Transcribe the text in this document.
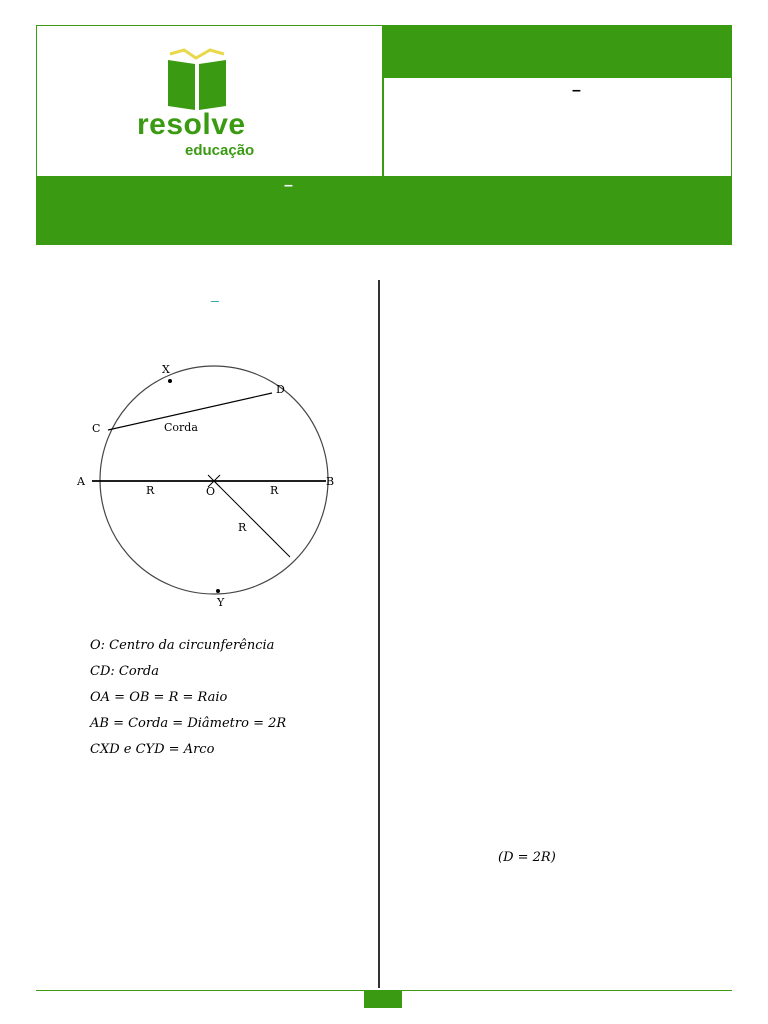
resolve
educação
–
–
_
X
D
C
A
O
B
Y
Corda
R	R
R
O: Centro da circunferência
CD: Corda
OA = OB = R = Raio
AB = Corda = Diâmetro = 2R
CXD e CYD = Arco
(D = 2R)
